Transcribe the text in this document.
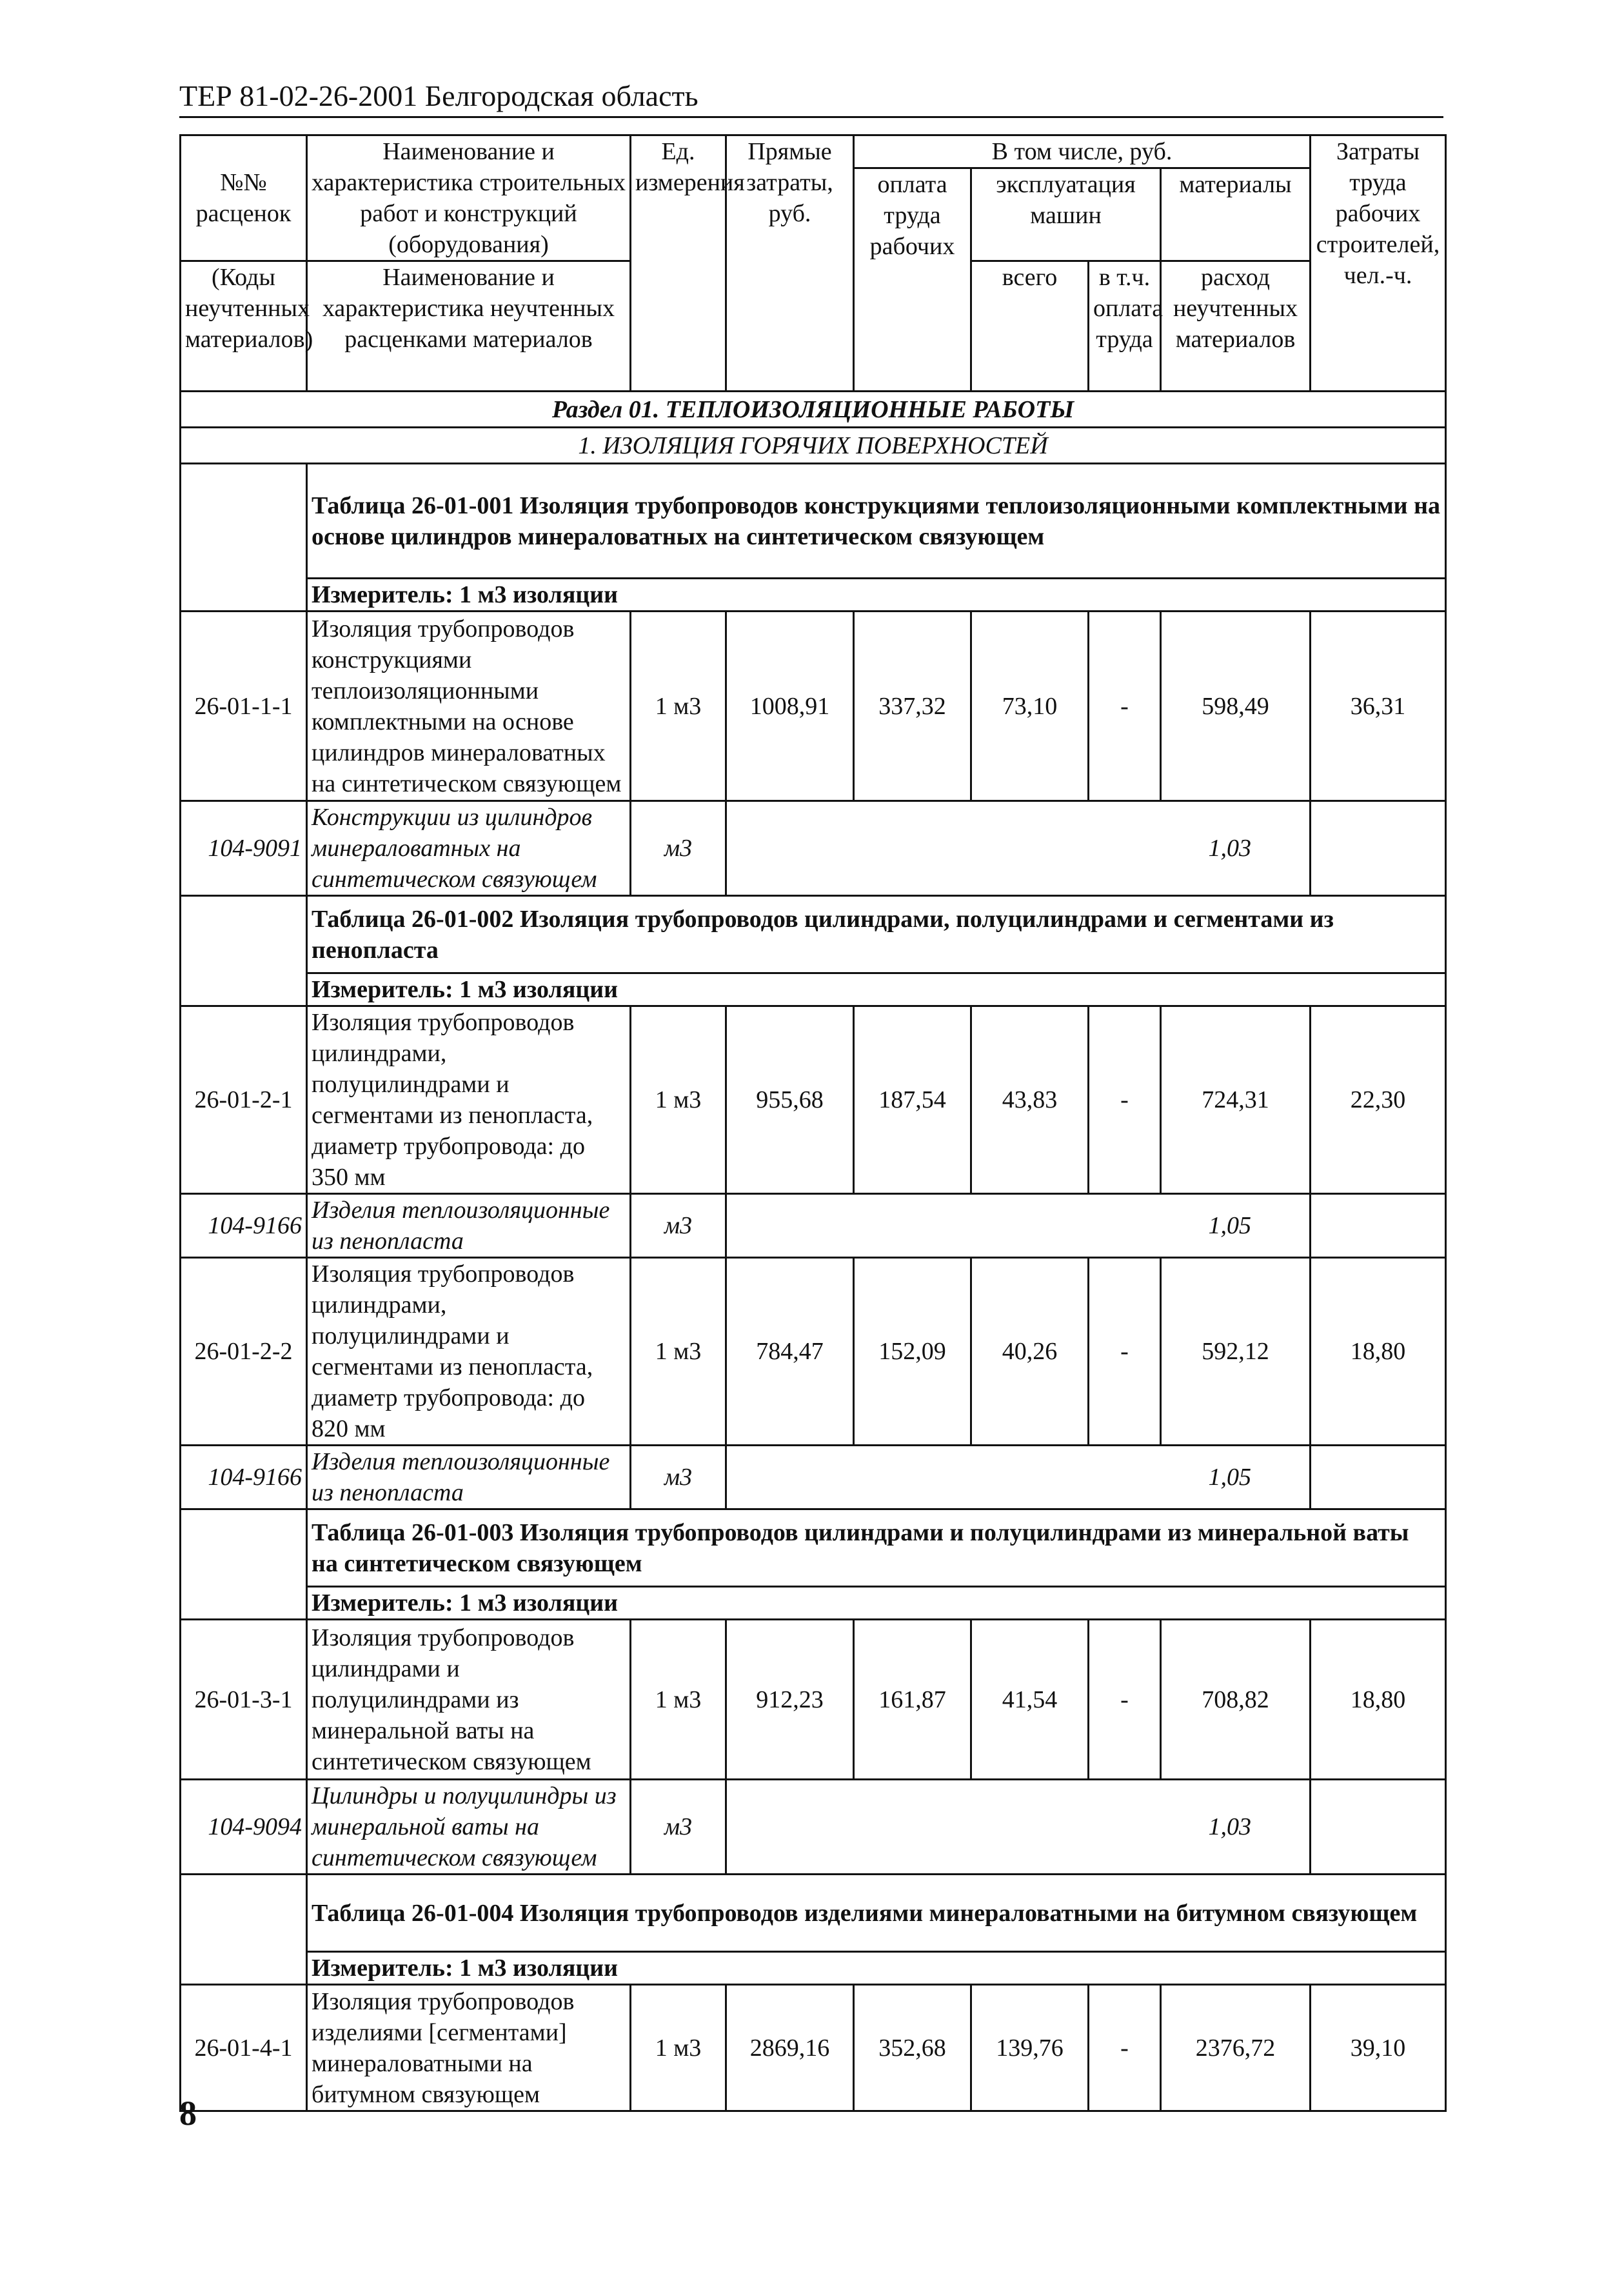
ТЕР 81-02-26-2001 Белгородская область
№№ расценок	Наименование и характеристика строительных работ и конструкций (оборудования)	Ед. измерения	Прямые затраты, руб.	В том числе, руб.				Затраты труда рабочих строителей, чел.-ч.
				оплата труда рабочих	эксплуатация машин		материалы	
(Коды неучтенных материалов)	Наименование и характеристика неучтенных расценками материалов				всего	в т.ч. оплата труда	расход неучтенных материалов	

Раздел 01. ТЕПЛОИЗОЛЯЦИОННЫЕ РАБОТЫ								
1. ИЗОЛЯЦИЯ ГОРЯЧИХ ПОВЕРХНОСТЕЙ								
	Таблица 26-01-001 Изоляция трубопроводов конструкциями теплоизоляционными комплектными на основе цилиндров минераловатных на синтетическом связующем							
	Измеритель: 1 м3 изоляции							
26-01-1-1	Изоляция трубопроводов конструкциями теплоизоляционными комплектными на основе цилиндров минераловатных на синтетическом связующем	1 м3	1008,91	337,32	73,10	-	598,49	36,31
104-9091	Конструкции из цилиндров минераловатных на синтетическом связующем	м3	1,03					
	Таблица 26-01-002 Изоляция трубопроводов цилиндрами, полуцилиндрами и сегментами из пенопласта							
	Измеритель: 1 м3 изоляции							
26-01-2-1	Изоляция трубопроводов цилиндрами, полуцилиндрами и сегментами из пенопласта, диаметр трубопровода: до 350 мм	1 м3	955,68	187,54	43,83	-	724,31	22,30
104-9166	Изделия теплоизоляционные из пенопласта	м3	1,05					
26-01-2-2	Изоляция трубопроводов цилиндрами, полуцилиндрами и сегментами из пенопласта, диаметр трубопровода: до 820 мм	1 м3	784,47	152,09	40,26	-	592,12	18,80
104-9166	Изделия теплоизоляционные из пенопласта	м3	1,05					
	Таблица 26-01-003 Изоляция трубопроводов цилиндрами и полуцилиндрами из минеральной ваты на синтетическом связующем							
	Измеритель: 1 м3 изоляции							
26-01-3-1	Изоляция трубопроводов цилиндрами и полуцилиндрами из минеральной ваты на синтетическом связующем	1 м3	912,23	161,87	41,54	-	708,82	18,80
104-9094	Цилиндры и полуцилиндры из минеральной ваты на синтетическом связующем	м3	1,03					
	Таблица 26-01-004 Изоляция трубопроводов изделиями минераловатными на битумном связующем							
	Измеритель: 1 м3 изоляции							
26-01-4-1	Изоляция трубопроводов изделиями [сегментами] минераловатными на битумном связующем	1 м3	2869,16	352,68	139,76	-	2376,72	39,10
8
